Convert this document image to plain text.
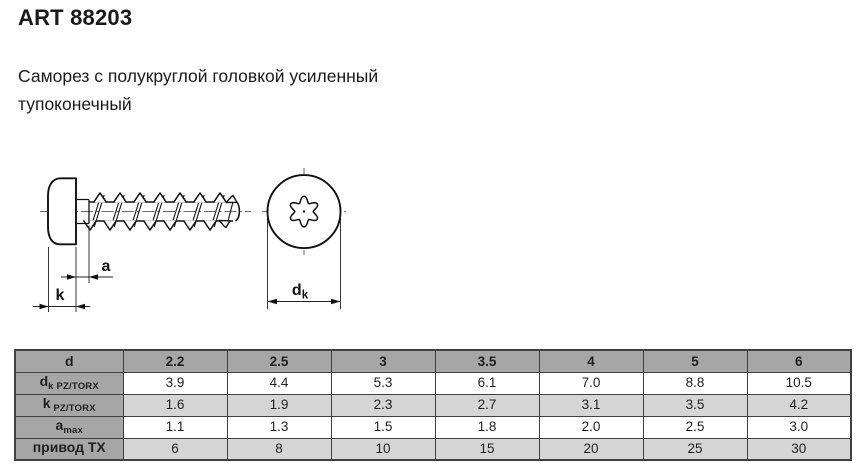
ART 88203
Саморез с полукруглой головкой усиленный
тупоконечный
a
k	$d_k$
d	2.2	2.5	3	3.5	4	5	6
$d_{k PZ/TORX}$	3.9	4.4	5.3	6.1	7.0	8.8	10.5
k  $_{PZ/TORX}$	1.6	1.9	2.3	2.7	3.1	3.5	4.2
$a_{max}$	1.1	1.3	1.5	1.8	2.0	2.5	3.0
привод TX	6	8	10	15	20	25	30
